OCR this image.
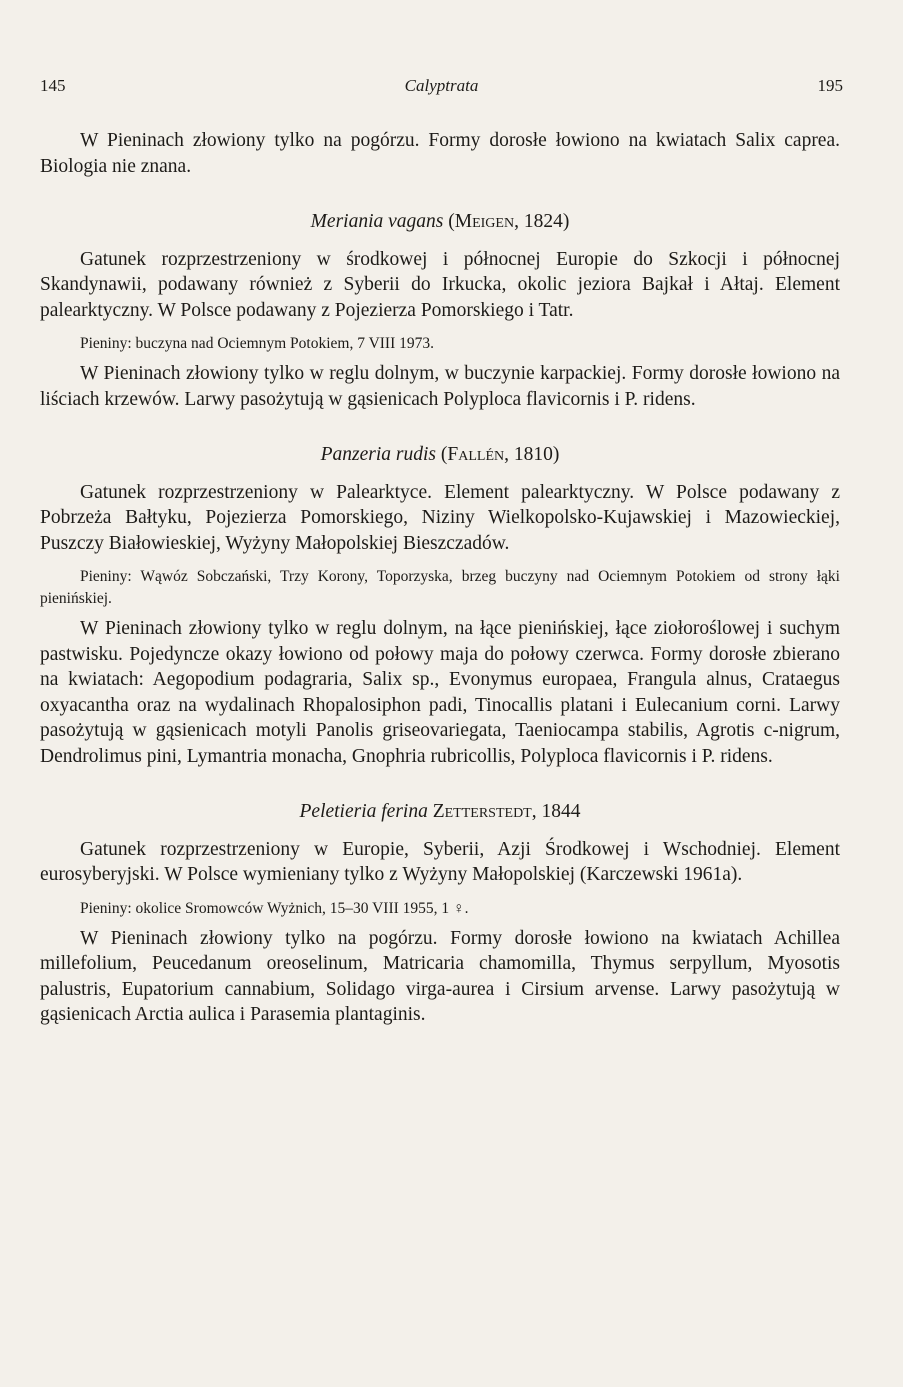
145	Calyptrata	195

W Pieninach złowiony tylko na pogórzu. Formy dorosłe łowiono na kwiatach Salix caprea. Biologia nie znana.

Meriania vagans (Meigen, 1824)

Gatunek rozprzestrzeniony w środkowej i północnej Europie do Szkocji i północnej Skandynawii, podawany również z Syberii do Irkucka, okolic jeziora Bajkał i Ałtaj. Element palearktyczny. W Polsce podawany z Pojezierza Pomorskiego i Tatr.

Pieniny: buczyna nad Ociemnym Potokiem, 7 VIII 1973.

W Pieninach złowiony tylko w reglu dolnym, w buczynie karpackiej. Formy dorosłe łowiono na liściach krzewów. Larwy pasożytują w gąsienicach Polyploca flavicornis i P. ridens.

Panzeria rudis (Fallén, 1810)

Gatunek rozprzestrzeniony w Palearktyce. Element palearktyczny. W Polsce podawany z Pobrzeża Bałtyku, Pojezierza Pomorskiego, Niziny Wielkopolsko-Kujawskiej i Mazowieckiej, Puszczy Białowieskiej, Wyżyny Małopolskiej Bieszczadów.

Pieniny: Wąwóz Sobczański, Trzy Korony, Toporzyska, brzeg buczyny nad Ociemnym Potokiem od strony łąki pienińskiej.

W Pieninach złowiony tylko w reglu dolnym, na łące pienińskiej, łące ziołoroślowej i suchym pastwisku. Pojedyncze okazy łowiono od połowy maja do połowy czerwca. Formy dorosłe zbierano na kwiatach: Aegopodium podagraria, Salix sp., Evonymus europaea, Frangula alnus, Crataegus oxyacantha oraz na wydalinach Rhopalosiphon padi, Tinocallis platani i Eulecanium corni. Larwy pasożytują w gąsienicach motyli Panolis griseovariegata, Taeniocampa stabilis, Agrotis c-nigrum, Dendrolimus pini, Lymantria monacha, Gnophria rubricollis, Polyploca flavicornis i P. ridens.

Peletieria ferina Zetterstedt, 1844

Gatunek rozprzestrzeniony w Europie, Syberii, Azji Środkowej i Wschodniej. Element eurosyberyjski. W Polsce wymieniany tylko z Wyżyny Małopolskiej (Karczewski 1961a).

Pieniny: okolice Sromowców Wyżnich, 15–30 VIII 1955, 1 ♀.

W Pieninach złowiony tylko na pogórzu. Formy dorosłe łowiono na kwiatach Achillea millefolium, Peucedanum oreoselinum, Matricaria chamomilla, Thymus serpyllum, Myosotis palustris, Eupatorium cannabium, Solidago virga-aurea i Cirsium arvense. Larwy pasożytują w gąsienicach Arctia aulica i Parasemia plantaginis.
